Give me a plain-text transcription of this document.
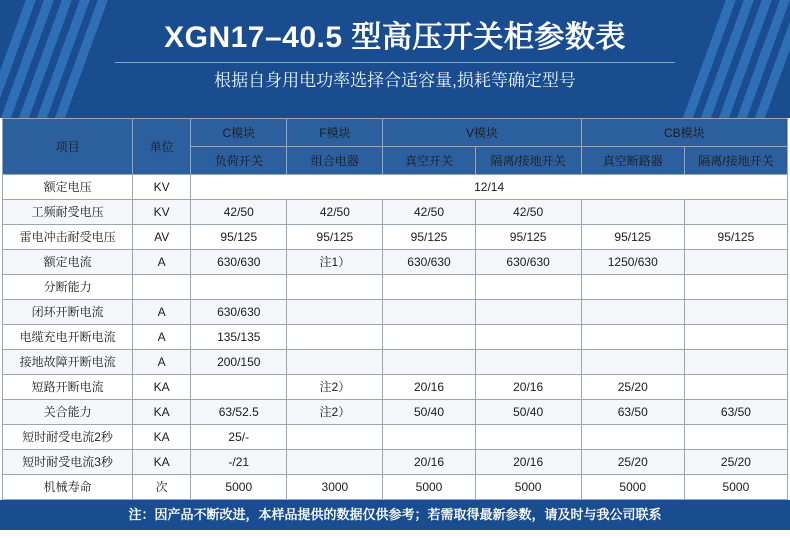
XGN17–40.5 型高压开关柜参数表
根据自身用电功率选择合适容量,损耗等确定型号
项目	单位	C模块	F模块	V模块		CB模块	
		负荷开关	组合电器	真空开关	隔离/接地开关	真空断路器	隔离/接地开关
额定电压	KV	12/14					
工频耐受电压	KV	42/50	42/50	42/50	42/50		
雷电冲击耐受电压	AV	95/125	95/125	95/125	95/125	95/125	95/125
额定电流	A	630/630	注1）	630/630	630/630	1250/630	
分断能力							
闭环开断电流	A	630/630					
电缆充电开断电流	A	135/135					
接地故障开断电流	A	200/150					
短路开断电流	KA		注2）	20/16	20/16	25/20	
关合能力	KA	63/52.5	注2）	50/40	50/40	63/50	63/50
短时耐受电流2秒	KA	25/-					
短时耐受电流3秒	KA	-/21		20/16	20/16	25/20	25/20
机械寿命	次	5000	3000	5000	5000	5000	5000
注：因产品不断改进，本样品提供的数据仅供参考；若需取得最新参数，请及时与我公司联系
